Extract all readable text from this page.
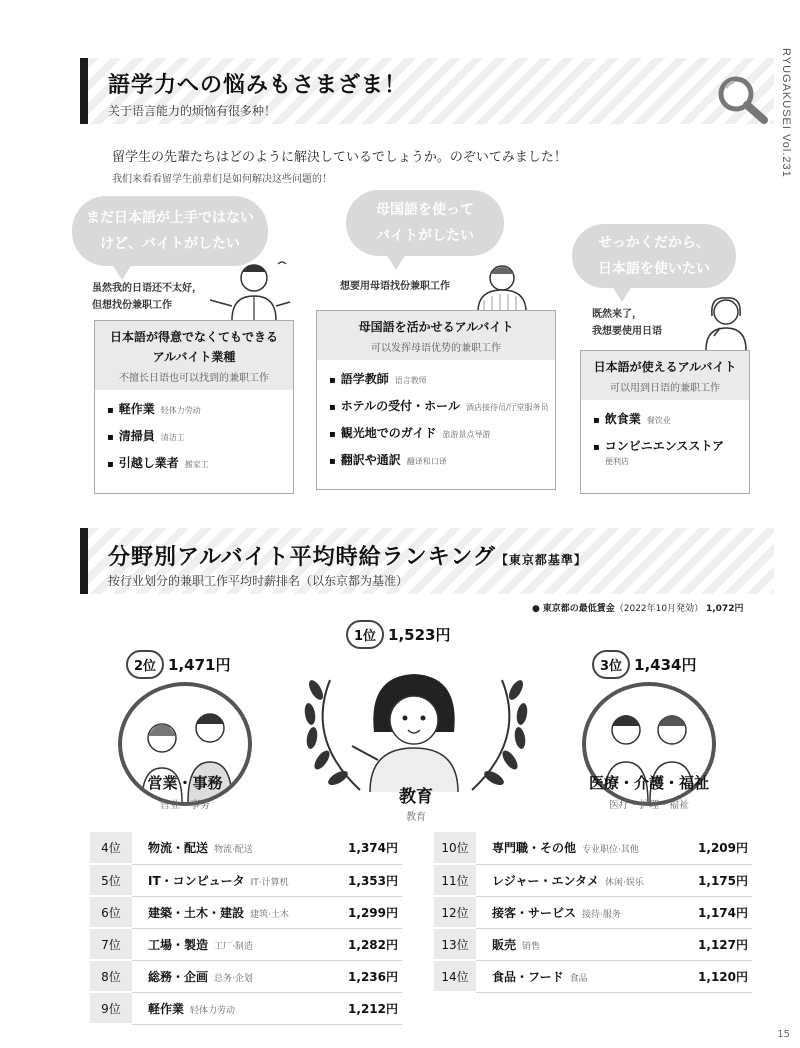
RYUGAKUSEI Vol.231
語学力への悩みもさまざま！
关于语言能力的烦恼有很多种！
留学生の先輩たちはどのように解決しているでしょうか。のぞいてみました！
我们来看看留学生前辈们是如何解决这些问题的！
まだ日本語が上手ではない
けど、バイトがしたい
虽然我的日语还不太好，
但想找份兼职工作
日本語が得意でなくてもできる
アルバイト業種
不擅长日语也可以找到的兼职工作
▪ 軽作業 轻体力劳动
▪ 清掃員 清洁工
▪ 引越し業者 搬家工
母国語を使って
バイトがしたい
想要用母语找份兼职工作
母国語を活かせるアルバイト
可以发挥母语优势的兼职工作
▪ 語学教師 语言教师
▪ ホテルの受付・ホール 酒店接待员/厅堂服务员
▪ 観光地でのガイド 旅游景点导游
▪ 翻訳や通訳 翻译和口译
せっかくだから、
日本語を使いたい
既然来了，
我想要使用日语
日本語が使えるアルバイト
可以用到日语的兼职工作
▪ 飲食業 餐饮业
▪ コンビニエンスストア
便利店
分野別アルバイト平均時給ランキング【東京都基準】
按行业划分的兼职工作平均时薪排名（以东京都为基准）
● 東京都の最低賃金（2022年10月発効） 1,072円
1位 1,523円
教育
教育
2位 1,471円
営業・事務
营业・事务
3位 1,434円
医療・介護・福祉
医疗・护理・福祉
4位	物流・配送 物流·配送	1,374円
5位	IT・コンピュータ IT·计算机	1,353円
6位	建築・土木・建設 建筑·土木	1,299円
7位	工場・製造 工厂·制造	1,282円
8位	総務・企画 总务·企划	1,236円
9位	軽作業 轻体力劳动	1,212円
10位	専門職・その他 专业职位·其他	1,209円
11位	レジャー・エンタメ 休闲·娱乐	1,175円
12位	接客・サービス 接待·服务	1,174円
13位	販売 销售	1,127円
14位	食品・フード 食品	1,120円
15
